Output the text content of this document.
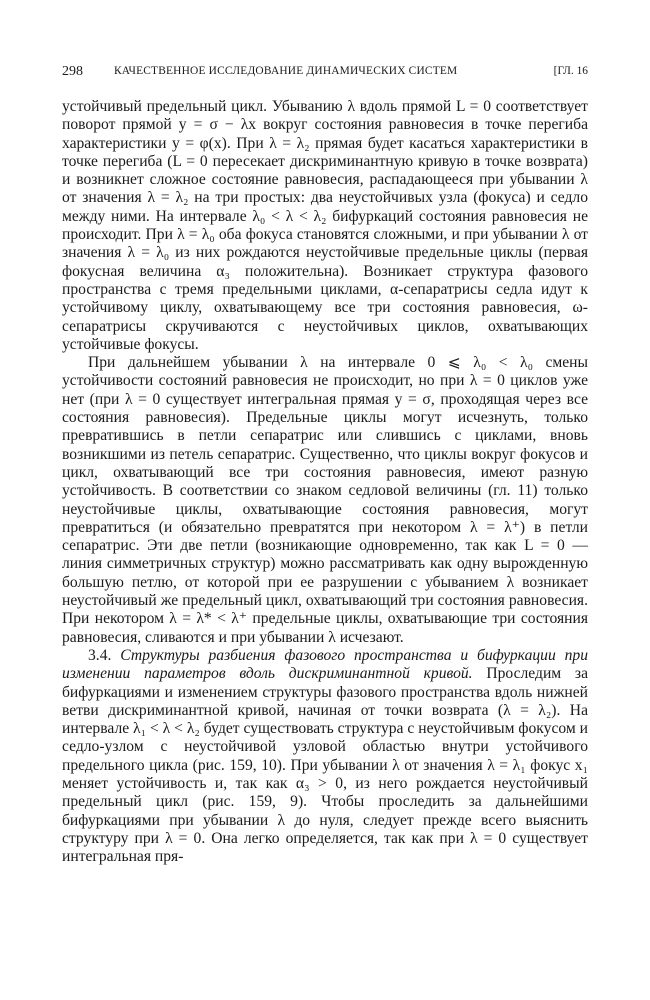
298	КАЧЕСТВЕННОЕ ИССЛЕДОВАНИЕ ДИНАМИЧЕСКИХ СИСТЕМ	[ГЛ. 16

устойчивый предельный цикл. Убыванию λ вдоль прямой L = 0 соответствует поворот прямой y = σ − λx вокруг состояния равновесия в точке перегиба характеристики y = φ(x). При λ = λ₂ прямая будет касаться характеристики в точке перегиба (L = 0 пересекает дискриминантную кривую в точке возврата) и возникнет сложное состояние равновесия, распадающееся при убывании λ от значения λ = λ₂ на три простых: два неустойчивых узла (фокуса) и седло между ними. На интервале λ₀ < λ < λ₂ бифуркаций состояния равновесия не происходит. При λ = λ₀ оба фокуса становятся сложными, и при убывании λ от значения λ = λ₀ из них рождаются неустойчивые предельные циклы (первая фокусная величина α₃ положительна). Возникает структура фазового пространства с тремя предельными циклами, α-сепаратрисы седла идут к устойчивому циклу, охватывающему все три состояния равновесия, ω-сепаратрисы скручиваются с неустойчивых циклов, охватывающих устойчивые фокусы.

При дальнейшем убывании λ на интервале 0 ⩽ λ₀ < λ₀ смены устойчивости состояний равновесия не происходит, но при λ = 0 циклов уже нет (при λ = 0 существует интегральная прямая y = σ, проходящая через все состояния равновесия). Предельные циклы могут исчезнуть, только превратившись в петли сепаратрис или слившись с циклами, вновь возникшими из петель сепаратрис. Существенно, что циклы вокруг фокусов и цикл, охватывающий все три состояния равновесия, имеют разную устойчивость. В соответствии со знаком седловой величины (гл. 11) только неустойчивые циклы, охватывающие состояния равновесия, могут превратиться (и обязательно превратятся при некотором λ = λ⁺) в петли сепаратрис. Эти две петли (возникающие одновременно, так как L = 0 — линия симметричных структур) можно рассматривать как одну вырожденную большую петлю, от которой при ее разрушении с убыванием λ возникает неустойчивый же предельный цикл, охватывающий три состояния равновесия. При некотором λ = λ* < λ⁺ предельные циклы, охватывающие три состояния равновесия, сливаются и при убывании λ исчезают.

3.4. Структуры разбиения фазового пространства и бифуркации при изменении параметров вдоль дискриминантной кривой. Проследим за бифуркациями и изменением структуры фазового пространства вдоль нижней ветви дискриминантной кривой, начиная от точки возврата (λ = λ₂). На интервале λ₁ < λ < λ₂ будет существовать структура с неустойчивым фокусом и седло-узлом с неустойчивой узловой областью внутри устойчивого предельного цикла (рис. 159, 10). При убывании λ от значения λ = λ₁ фокус x₁ меняет устойчивость и, так как α₃ > 0, из него рождается неустойчивый предельный цикл (рис. 159, 9). Чтобы проследить за дальнейшими бифуркациями при убывании λ до нуля, следует прежде всего выяснить структуру при λ = 0. Она легко определяется, так как при λ = 0 существует интегральная пря-
